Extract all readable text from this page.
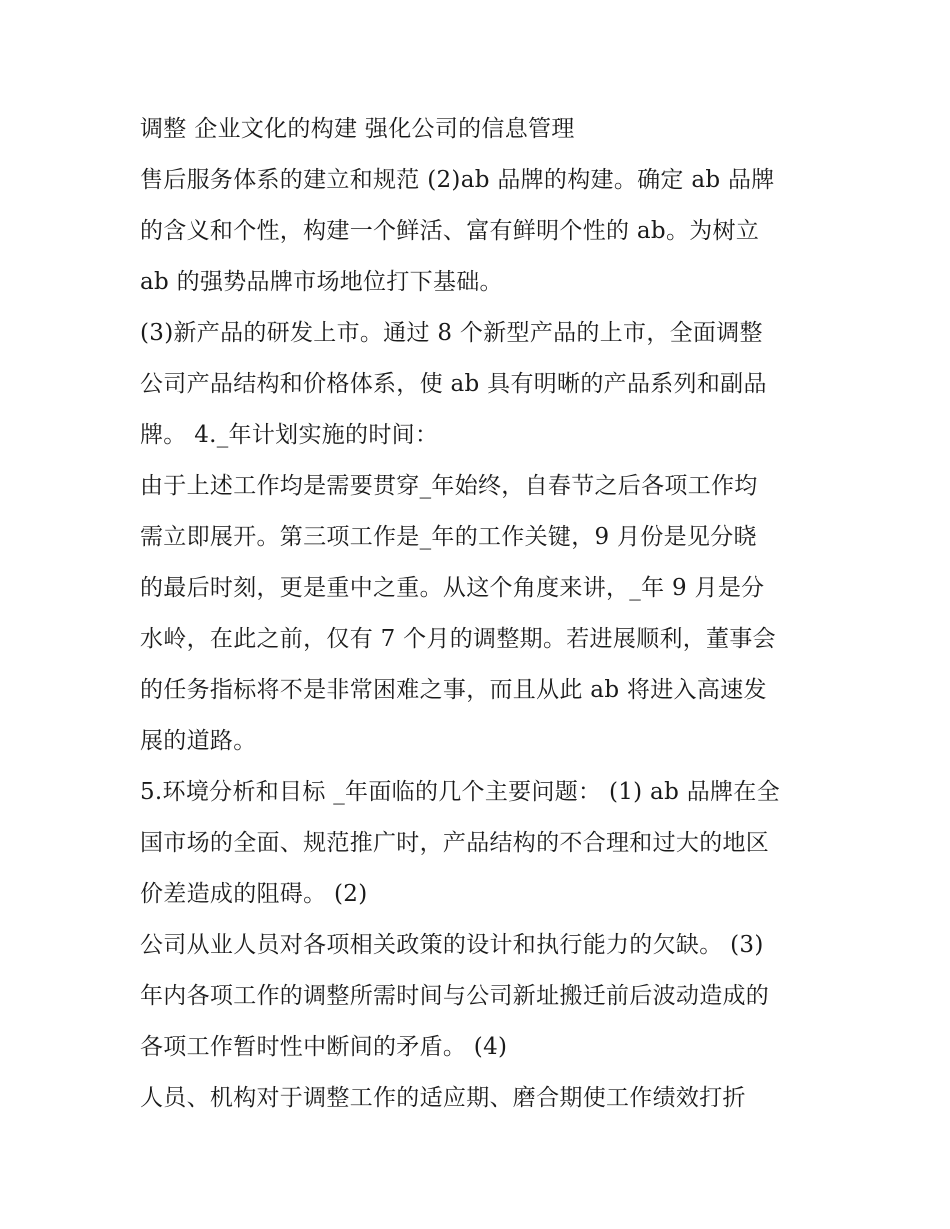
调整 企业文化的构建 强化公司的信息管理
售后服务体系的建立和规范 (2)ab 品牌的构建。确定 ab 品牌
的含义和个性，构建一个鲜活、富有鲜明个性的 ab。为树立
ab 的强势品牌市场地位打下基础。
(3)新产品的研发上市。通过 8 个新型产品的上市，全面调整
公司产品结构和价格体系，使 ab 具有明晰的产品系列和副品
牌。 4._年计划实施的时间：
由于上述工作均是需要贯穿_年始终，自春节之后各项工作均
需立即展开。第三项工作是_年的工作关键，9 月份是见分晓
的最后时刻，更是重中之重。从这个角度来讲，_年 9 月是分
水岭，在此之前，仅有 7 个月的调整期。若进展顺利，董事会
的任务指标将不是非常困难之事，而且从此 ab 将进入高速发
展的道路。
5.环境分析和目标 _年面临的几个主要问题： (1) ab 品牌在全
国市场的全面、规范推广时，产品结构的不合理和过大的地区
价差造成的阻碍。 (2)
公司从业人员对各项相关政策的设计和执行能力的欠缺。 (3)
年内各项工作的调整所需时间与公司新址搬迁前后波动造成的
各项工作暂时性中断间的矛盾。 (4)
人员、机构对于调整工作的适应期、磨合期使工作绩效打折
